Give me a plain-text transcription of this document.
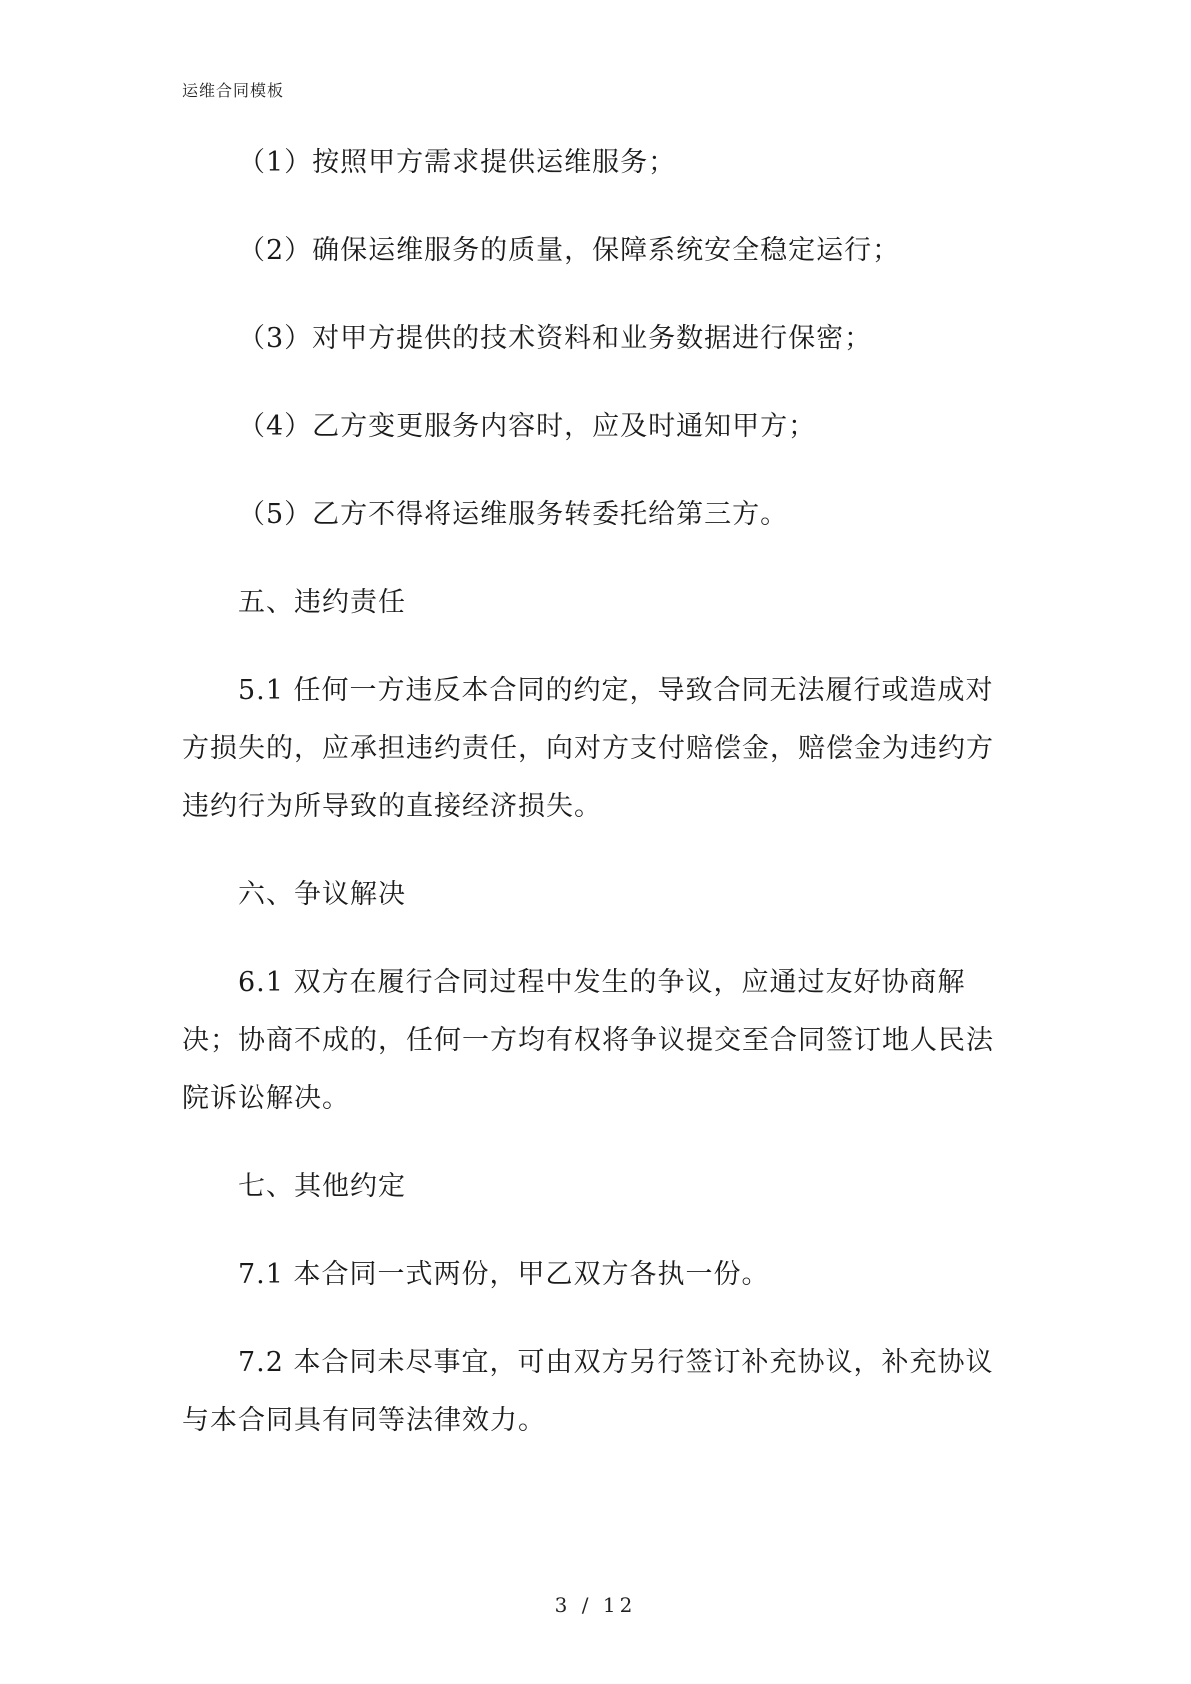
运维合同模板
（1）按照甲方需求提供运维服务；
（2）确保运维服务的质量，保障系统安全稳定运行；
（3）对甲方提供的技术资料和业务数据进行保密；
（4）乙方变更服务内容时，应及时通知甲方；
（5）乙方不得将运维服务转委托给第三方。
五、违约责任
5.1 任何一方违反本合同的约定，导致合同无法履行或造成对
方损失的，应承担违约责任，向对方支付赔偿金，赔偿金为违约方
违约行为所导致的直接经济损失。
六、争议解决
6.1 双方在履行合同过程中发生的争议，应通过友好协商解
决；协商不成的，任何一方均有权将争议提交至合同签订地人民法
院诉讼解决。
七、其他约定
7.1 本合同一式两份，甲乙双方各执一份。
7.2 本合同未尽事宜，可由双方另行签订补充协议，补充协议
与本合同具有同等法律效力。
3 / 12
